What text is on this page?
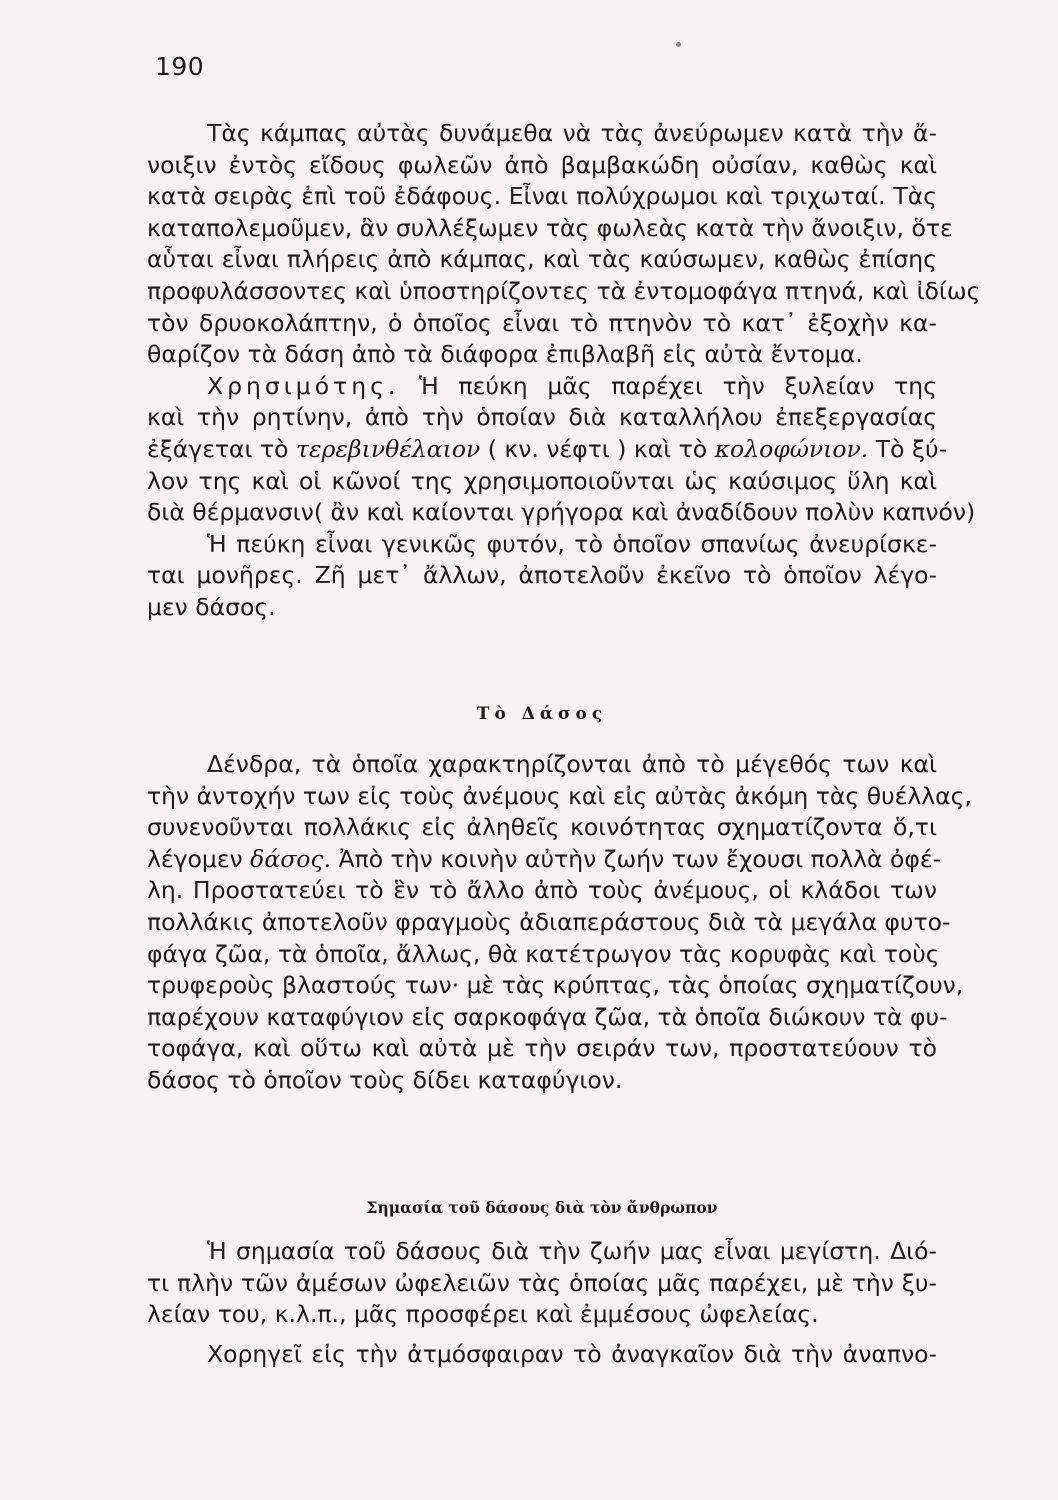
190
Τὰς κάμπας αὐτὰς δυνάμεθα νὰ τὰς ἀνεύρωμεν κατὰ τὴν ἄ-
νοιξιν ἐντὸς εἴδους φωλεῶν ἀπὸ βαμβακώδη οὐσίαν, καθὼς καὶ
κατὰ σειρὰς ἐπὶ τοῦ ἐδάφους. Εἶναι πολύχρωμοι καὶ τριχωταί. Τὰς
καταπολεμοῦμεν, ἂν συλλέξωμεν τὰς φωλεὰς κατὰ τὴν ἄνοιξιν, ὅτε
αὗται εἶναι πλήρεις ἀπὸ κάμπας, καὶ τὰς καύσωμεν, καθὼς ἐπίσης
προφυλάσσοντες καὶ ὑποστηρίζοντες τὰ ἐντομοφάγα πτηνά, καὶ ἰδίως
τὸν δρυοκολάπτην, ὁ ὁποῖος εἶναι τὸ πτηνὸν τὸ κατ᾽ ἐξοχὴν κα-
θαρίζον τὰ δάση ἀπὸ τὰ διάφορα ἐπιβλαβῆ εἰς αὐτὰ ἔντομα.
Χρησιμότης. Ἡ πεύκη μᾶς παρέχει τὴν ξυλείαν της
καὶ τὴν ρητίνην, ἀπὸ τὴν ὁποίαν διὰ καταλλήλου ἐπεξεργασίας
ἐξάγεται τὸ τερεβινθέλαιον ( κν. νέφτι ) καὶ τὸ κολοφώνιον. Τὸ ξύ-
λον της καὶ οἱ κῶνοί της χρησιμοποιοῦνται ὡς καύσιμος ὕλη καὶ
διὰ θέρμανσιν( ἂν καὶ καίονται γρήγορα καὶ ἀναδίδουν πολὺν καπνόν)
Ἡ πεύκη εἶναι γενικῶς φυτόν, τὸ ὁποῖον σπανίως ἀνευρίσκε-
ται μονῆρες. Ζῆ μετ᾽ ἄλλων, ἀποτελοῦν ἐκεῖνο τὸ ὁποῖον λέγο-
μεν δάσος.
Τὸ Δάσος
Δένδρα, τὰ ὁποῖα χαρακτηρίζονται ἀπὸ τὸ μέγεθός των καὶ
τὴν ἀντοχήν των εἰς τοὺς ἀνέμους καὶ εἰς αὐτὰς ἀκόμη τὰς θυέλλας,
συνενοῦνται πολλάκις εἰς ἀληθεῖς κοινότητας σχηματίζοντα ὅ,τι
λέγομεν δάσος. Ἀπὸ τὴν κοινὴν αὐτὴν ζωήν των ἔχουσι πολλὰ ὀφέ-
λη. Προστατεύει τὸ ἓν τὸ ἄλλο ἀπὸ τοὺς ἀνέμους, οἱ κλάδοι των
πολλάκις ἀποτελοῦν φραγμοὺς ἀδιαπεράστους διὰ τὰ μεγάλα φυτο-
φάγα ζῶα, τὰ ὁποῖα, ἄλλως, θὰ κατέτρωγον τὰς κορυφὰς καὶ τοὺς
τρυφεροὺς βλαστούς των· μὲ τὰς κρύπτας, τὰς ὁποίας σχηματίζουν,
παρέχουν καταφύγιον εἰς σαρκοφάγα ζῶα, τὰ ὁποῖα διώκουν τὰ φυ-
τοφάγα, καὶ οὕτω καὶ αὐτὰ μὲ τὴν σειράν των, προστατεύουν τὸ
δάσος τὸ ὁποῖον τοὺς δίδει καταφύγιον.
Σημασία τοῦ δάσους διὰ τὸν ἄνθρωπον
Ἡ σημασία τοῦ δάσους διὰ τὴν ζωήν μας εἶναι μεγίστη. Διό-
τι πλὴν τῶν ἀμέσων ὠφελειῶν τὰς ὁποίας μᾶς παρέχει, μὲ τὴν ξυ-
λείαν του, κ.λ.π., μᾶς προσφέρει καὶ ἐμμέσους ὠφελείας.
Χορηγεῖ εἰς τὴν ἀτμόσφαιραν τὸ ἀναγκαῖον διὰ τὴν ἀναπνο-
